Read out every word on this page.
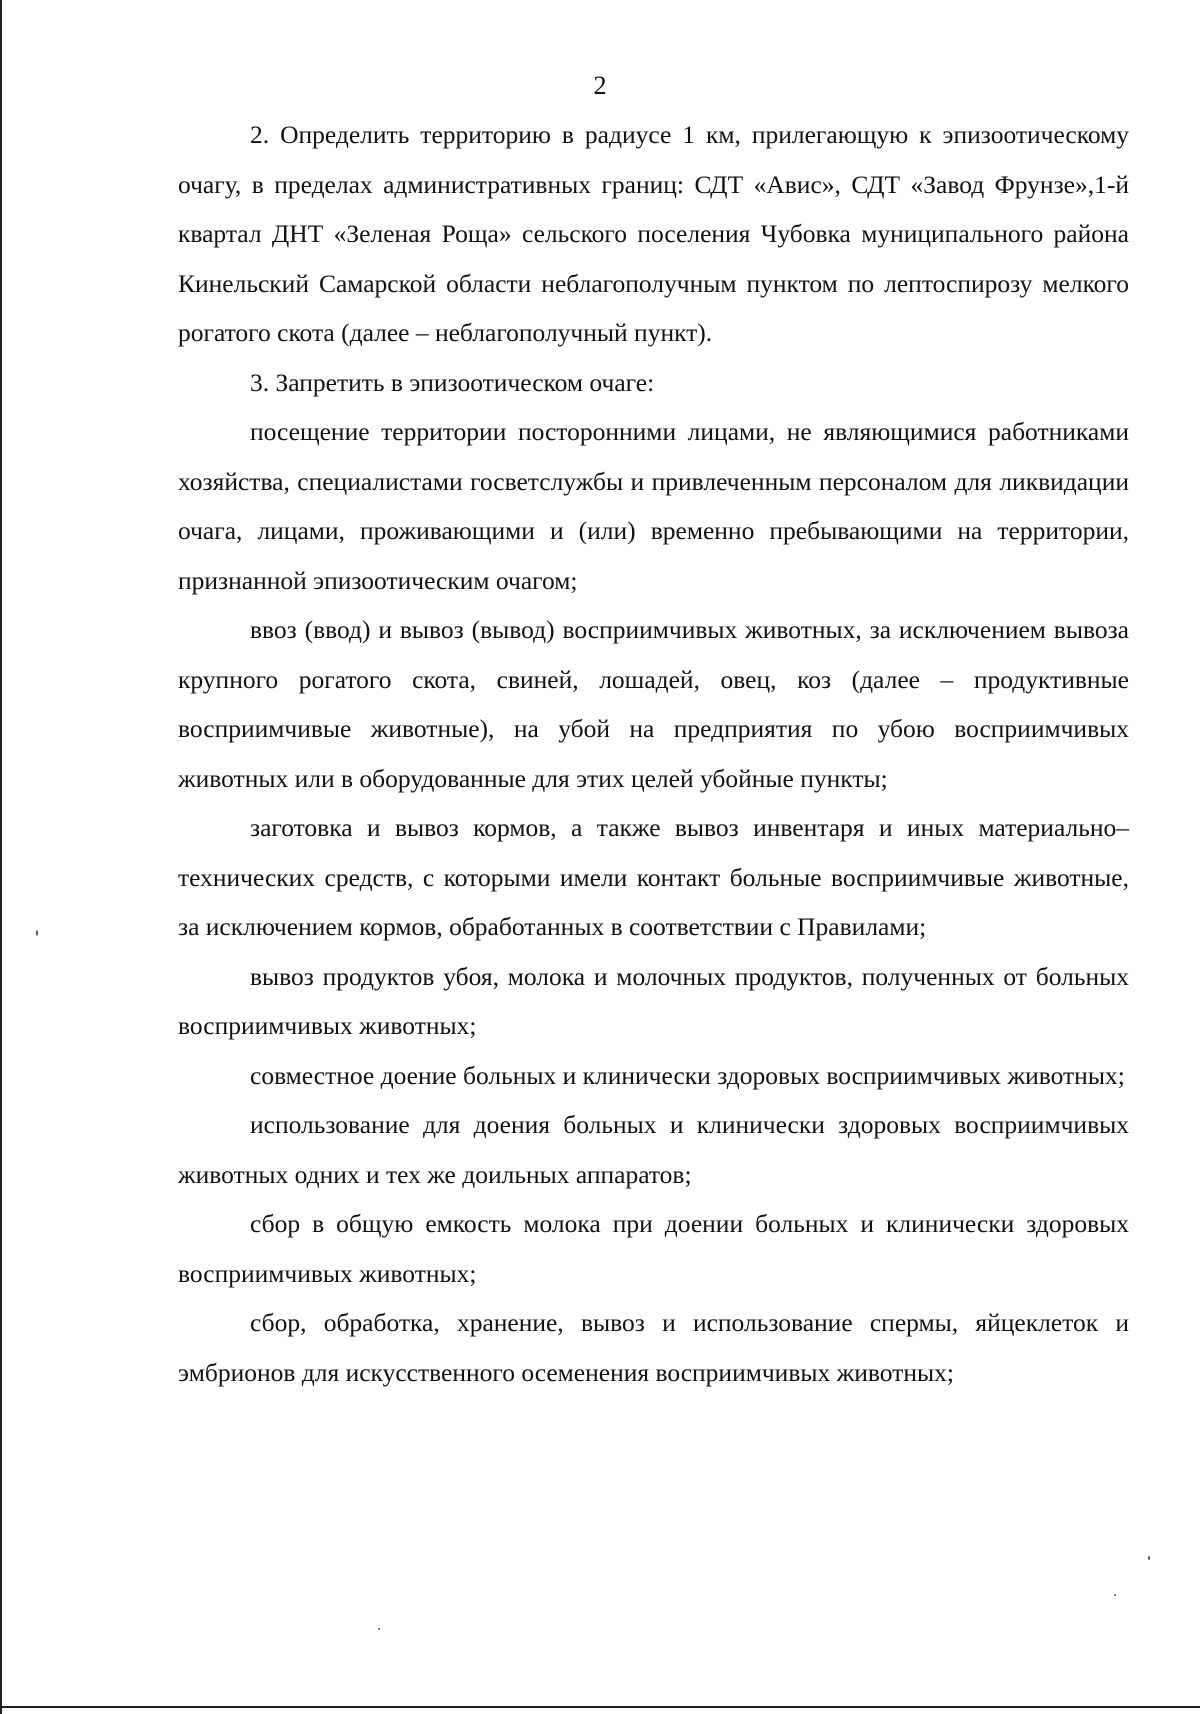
2

2. Определить территорию в радиусе 1 км, прилегающую к эпизоотическому очагу, в пределах административных границ: СДТ «Авис», СДТ «Завод Фрунзе»,1-й квартал ДНТ «Зеленая Роща» сельского поселения Чубовка муниципального района Кинельский Самарской области неблагополучным пунктом по лептоспирозу мелкого рогатого скота (далее – неблагополучный пункт).

3. Запретить в эпизоотическом очаге:

посещение территории посторонними лицами, не являющимися работниками хозяйства, специалистами госветслужбы и привлеченным персоналом для ликвидации очага, лицами, проживающими и (или) временно пребывающими на территории, признанной эпизоотическим очагом;

ввоз (ввод) и вывоз (вывод) восприимчивых животных, за исключением вывоза крупного рогатого скота, свиней, лошадей, овец, коз (далее – продуктивные восприимчивые животные), на убой на предприятия по убою восприимчивых животных или в оборудованные для этих целей убойные пункты;

заготовка и вывоз кормов, а также вывоз инвентаря и иных материально–технических средств, с которыми имели контакт больные восприимчивые животные, за исключением кормов, обработанных в соответствии с Правилами;

вывоз продуктов убоя, молока и молочных продуктов, полученных от больных восприимчивых животных;

совместное доение больных и клинически здоровых восприимчивых животных;

использование для доения больных и клинически здоровых восприимчивых животных одних и тех же доильных аппаратов;

сбор в общую емкость молока при доении больных и клинически здоровых восприимчивых животных;

сбор, обработка, хранение, вывоз и использование спермы, яйцеклеток и эмбрионов для искусственного осеменения восприимчивых животных;
